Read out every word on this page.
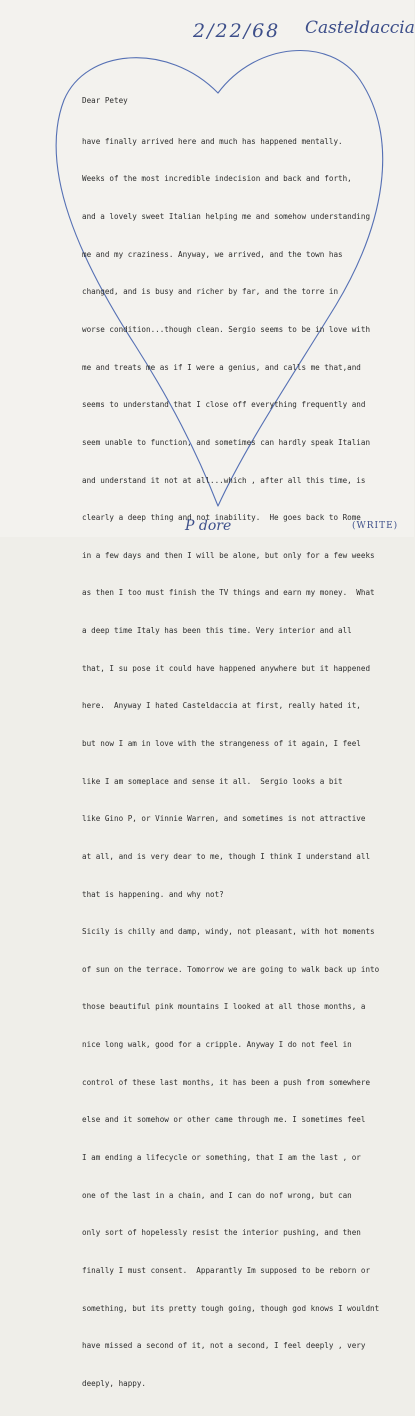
2/22/68 Casteldaccia

Dear Petey

have finally arrived here and much has happened mentally.

Weeks of the most incredible indecision and back and forth,

and a lovely sweet Italian helping me and somehow understanding

me and my craziness. Anyway, we arrived, and the town has

changed, and is busy and richer by far, and the torre in

worse condition...though clean. Sergio seems to be in love with

me and treats me as if I were a genius, and calls me that,and

seems to understand that I close off everything frequently and

seem unable to function, and sometimes can hardly speak Italian

and understand it not at all...which , after all this time, is

clearly a deep thing and not inability.  He goes back to Rome

in a few days and then I will be alone, but only for a few weeks

as then I too must finish the TV things and earn my money.  What

a deep time Italy has been this time. Very interior and all

that, I su pose it could have happened anywhere but it happened

here.  Anyway I hated Casteldaccia at first, really hated it,

but now I am in love with the strangeness of it again, I feel

like I am someplace and sense it all.  Sergio looks a bit

like Gino P, or Vinnie Warren, and sometimes is not attractive

at all, and is very dear to me, though I think I understand all

that is happening. and why not?

Sicily is chilly and damp, windy, not pleasant, with hot moments

of sun on the terrace. Tomorrow we are going to walk back up into

those beautiful pink mountains I looked at all those months, a

nice long walk, good for a cripple. Anyway I do not feel in

control of these last months, it has been a push from somewhere

else and it somehow or other came through me. I sometimes feel

I am ending a lifecycle or something, that I am the last , or

one of the last in a chain, and I can do nof wrong, but can

only sort of hopelessly resist the interior pushing, and then

finally I must consent.  Apparantly Im supposed to be reborn or

something, but its pretty tough going, though god knows I wouldnt

have missed a second of it, not a second, I feel deeply , very

deeply, happy.

P dore	(WRITE)
